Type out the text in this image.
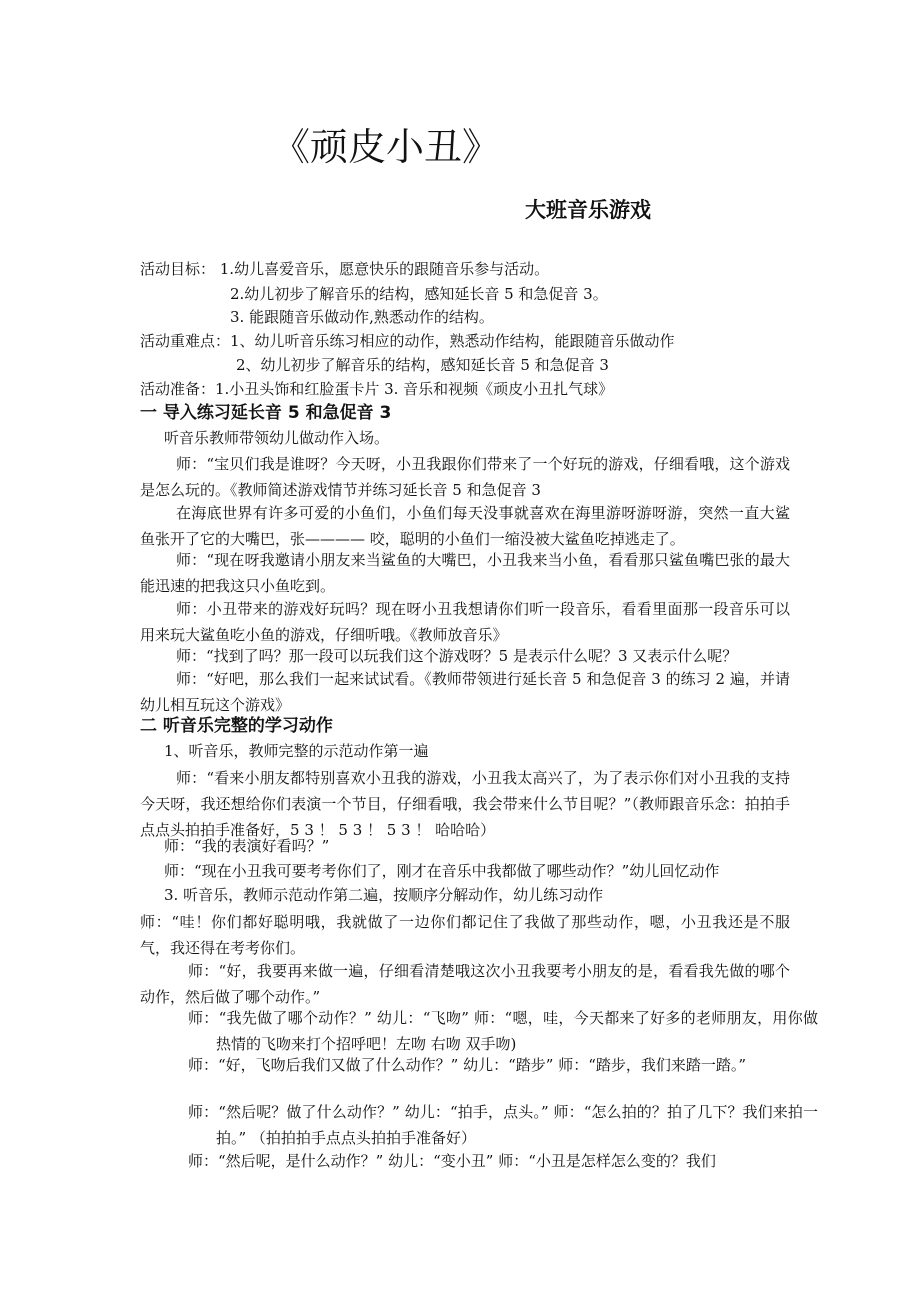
《顽皮小丑》
大班音乐游戏
活动目标： 1.幼儿喜爱音乐，愿意快乐的跟随音乐参与活动。
2.幼儿初步了解音乐的结构，感知延长音 5 和急促音 3。
3. 能跟随音乐做动作,熟悉动作的结构。
活动重难点：1、幼儿听音乐练习相应的动作，熟悉动作结构，能跟随音乐做动作
2、幼儿初步了解音乐的结构，感知延长音 5 和急促音 3
活动准备：1.小丑头饰和红脸蛋卡片 3. 音乐和视频《顽皮小丑扎气球》
一 导入练习延长音 5 和急促音 3
听音乐教师带领幼儿做动作入场。
师：“宝贝们我是谁呀？今天呀，小丑我跟你们带来了一个好玩的游戏，仔细看哦，这个游戏是怎么玩的。《教师简述游戏情节并练习延长音 5 和急促音 3
在海底世界有许多可爱的小鱼们，小鱼们每天没事就喜欢在海里游呀游呀游，突然一直大鲨鱼张开了它的大嘴巴，张———— 咬，聪明的小鱼们一缩没被大鲨鱼吃掉逃走了。
师：“现在呀我邀请小朋友来当鲨鱼的大嘴巴，小丑我来当小鱼，看看那只鲨鱼嘴巴张的最大能迅速的把我这只小鱼吃到。
师：小丑带来的游戏好玩吗？现在呀小丑我想请你们听一段音乐，看看里面那一段音乐可以用来玩大鲨鱼吃小鱼的游戏，仔细听哦。《教师放音乐》
师：“找到了吗？那一段可以玩我们这个游戏呀？5 是表示什么呢？3 又表示什么呢？
师：“好吧，那么我们一起来试试看。《教师带领进行延长音 5 和急促音 3 的练习 2 遍，并请幼儿相互玩这个游戏》
二 听音乐完整的学习动作
1、听音乐，教师完整的示范动作第一遍
师：“看来小朋友都特别喜欢小丑我的游戏，小丑我太高兴了，为了表示你们对小丑我的支持今天呀，我还想给你们表演一个节目，仔细看哦，我会带来什么节目呢？”（教师跟音乐念：拍拍手点点头拍拍手准备好，5 3 ！ 5 3 ！ 5 3 ！ 哈哈哈）
师：“我的表演好看吗？”
师：“现在小丑我可要考考你们了，刚才在音乐中我都做了哪些动作？”幼儿回忆动作
3. 听音乐，教师示范动作第二遍，按顺序分解动作，幼儿练习动作
师：“哇！你们都好聪明哦，我就做了一边你们都记住了我做了那些动作，嗯，小丑我还是不服气，我还得在考考你们。
师：“好，我要再来做一遍，仔细看清楚哦这次小丑我要考小朋友的是，看看我先做的哪个动作，然后做了哪个动作。”
师：“我先做了哪个动作？” 幼儿：“飞吻” 师：“嗯，哇，今天都来了好多的老师朋友，用你做热情的飞吻来打个招呼吧！左吻 右吻 双手吻)
师：“好，飞吻后我们又做了什么动作？” 幼儿：“踏步” 师：“踏步，我们来踏一踏。”
师：“然后呢？做了什么动作？” 幼儿：“拍手，点头。” 师：“怎么拍的？拍了几下？我们来拍一拍。” （拍拍拍手点点头拍拍手准备好）
师：“然后呢，是什么动作？” 幼儿：“变小丑” 师：“小丑是怎样怎么变的？我们
